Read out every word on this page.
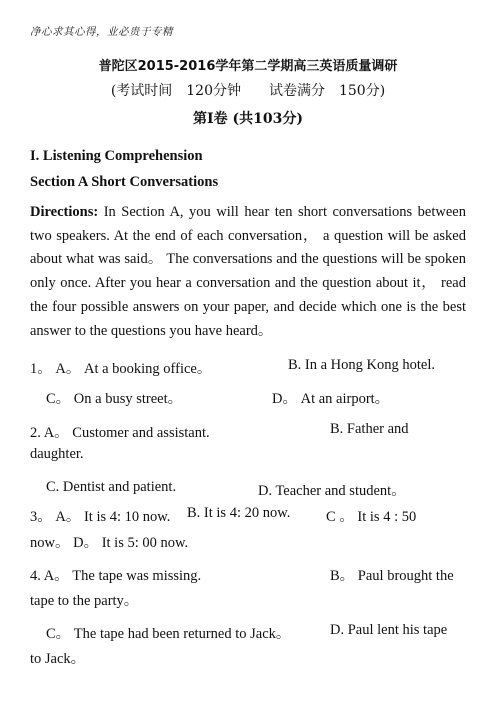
净心求其心得，业必贵于专精
普陀区2015-2016学年第二学期高三英语质量调研
(考试时间　120分钟　　试卷满分　150分)
第I卷 (共103分)
I. Listening Comprehension
Section A Short Conversations
Directions: In Section A, you will hear ten short conversations between two speakers. At the end of each conversation， a question will be asked about what was said。 The conversations and the questions will be spoken only once. After you hear a conversation and the question about it， read the four possible answers on your paper, and decide which one is the best answer to the questions you have heard。
1。 A。 At a booking office。	B. In a Hong Kong hotel.
C。 On a busy street。	D。 At an airport。
2. A。 Customer and assistant.	B. Father and
daughter.
C. Dentist and patient.	D. Teacher and student。
3。 A。 It is 4: 10 now. B. It is 4: 20 now. C 。 It is 4 : 50
now。 D。 It is 5: 00 now.
4. A。 The tape was missing.	B。 Paul brought the
tape to the party。
C。 The tape had been returned to Jack。	D. Paul lent his tape
to Jack。
